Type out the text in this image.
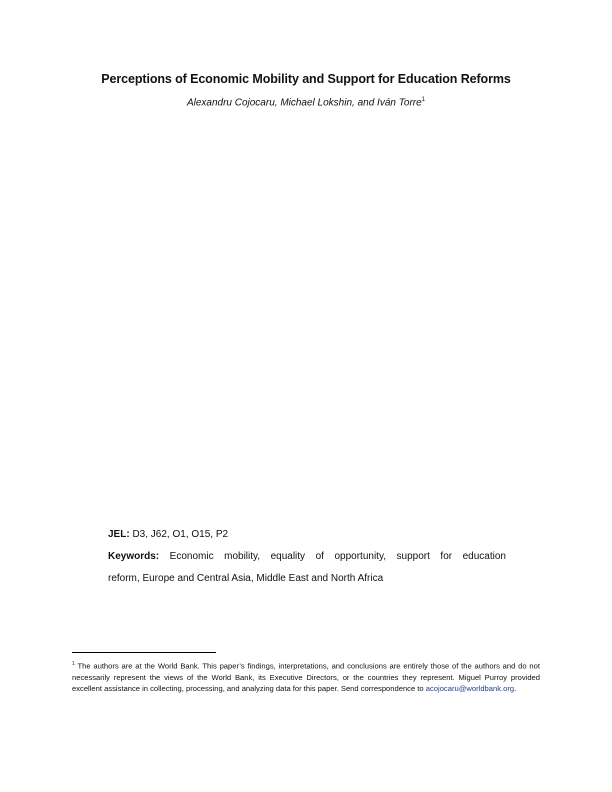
Perceptions of Economic Mobility and Support for Education Reforms
Alexandru Cojocaru, Michael Lokshin, and Iván Torre$^1$
JEL: D3, J62, O1, O15, P2
Keywords: Economic mobility, equality of opportunity, support for education
reform, Europe and Central Asia, Middle East and North Africa
$^1$ The authors are at the World Bank. This paper’s findings, interpretations, and conclusions are entirely those of the authors and do not necessarily represent the views of the World Bank, its Executive Directors, or the countries they represent. Miguel Purroy provided excellent assistance in collecting, processing, and analyzing data for this paper. Send correspondence to acojocaru@worldbank.org.
